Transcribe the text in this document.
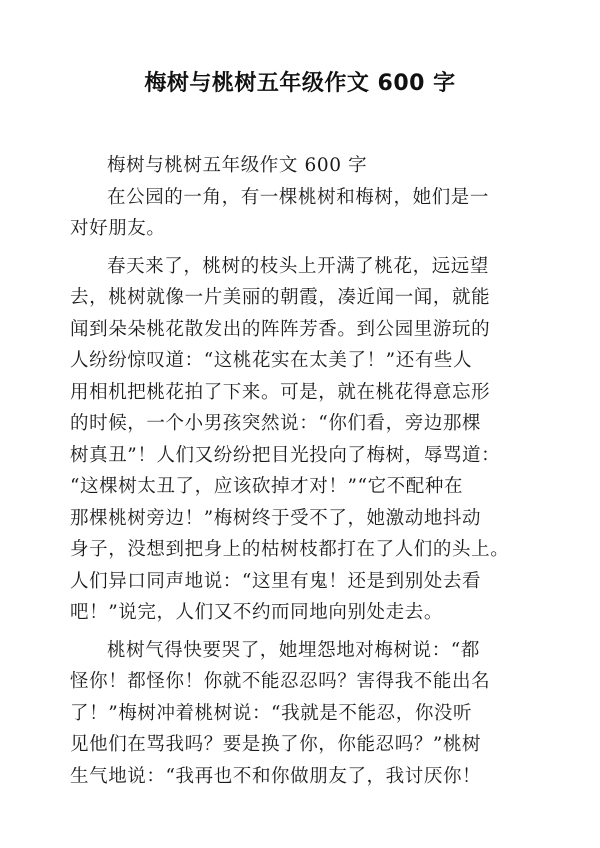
梅树与桃树五年级作文 600 字
梅树与桃树五年级作文 600 字
在公园的一角，有一棵桃树和梅树，她们是一
对好朋友。
春天来了，桃树的枝头上开满了桃花，远远望
去，桃树就像一片美丽的朝霞，凑近闻一闻，就能
闻到朵朵桃花散发出的阵阵芳香。到公园里游玩的
人纷纷惊叹道：“这桃花实在太美了！”还有些人
用相机把桃花拍了下来。可是，就在桃花得意忘形
的时候，一个小男孩突然说：“你们看，旁边那棵
树真丑”！人们又纷纷把目光投向了梅树，辱骂道：
“这棵树太丑了，应该砍掉才对！”“它不配种在
那棵桃树旁边！”梅树终于受不了，她激动地抖动
身子，没想到把身上的枯树枝都打在了人们的头上。
人们异口同声地说：“这里有鬼！还是到别处去看
吧！”说完，人们又不约而同地向别处走去。
桃树气得快要哭了，她埋怨地对梅树说：“都
怪你！都怪你！你就不能忍忍吗？害得我不能出名
了！”梅树冲着桃树说：“我就是不能忍，你没听
见他们在骂我吗？要是换了你，你能忍吗？”桃树
生气地说：“我再也不和你做朋友了，我讨厌你！
